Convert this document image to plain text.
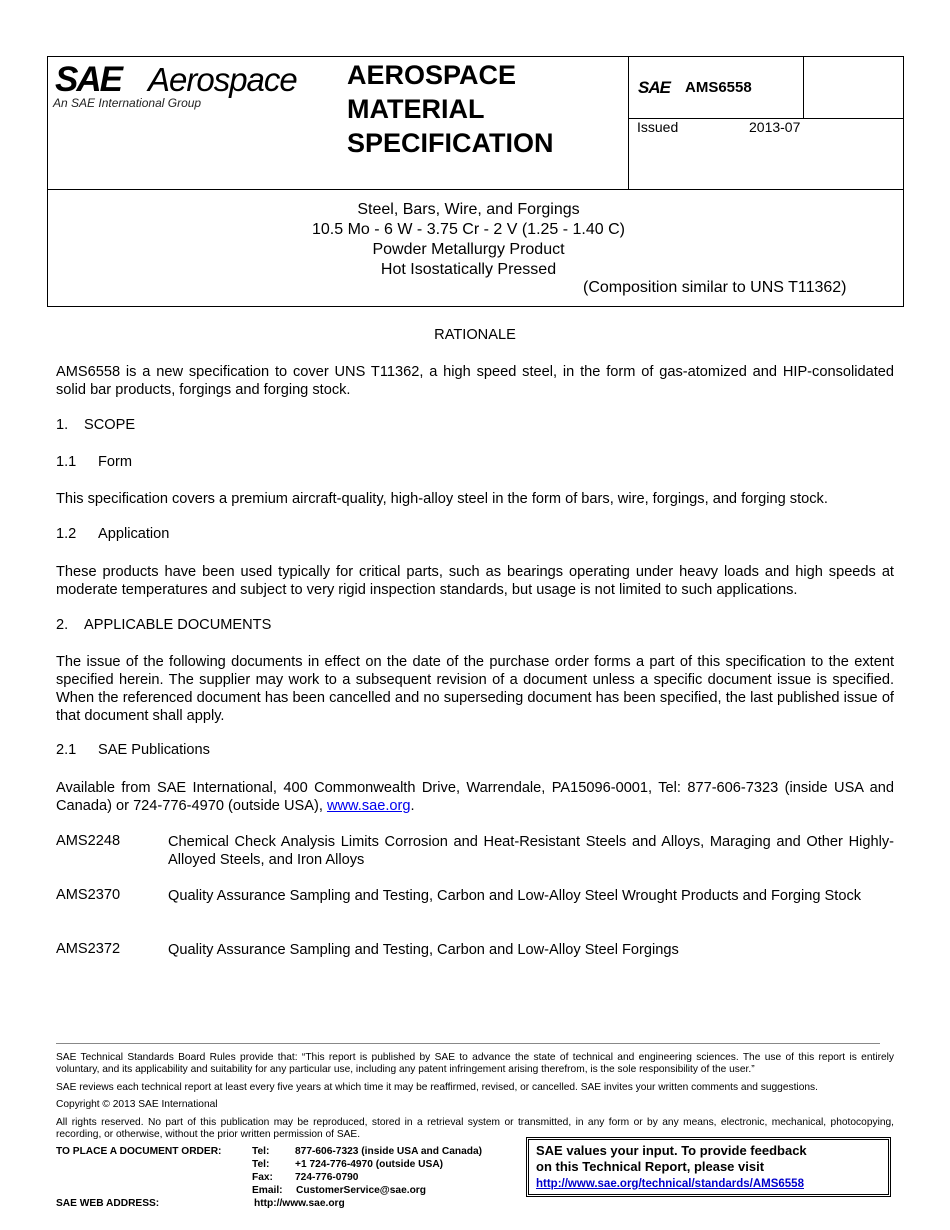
SAE Aerospace
An SAE International Group
AEROSPACE
MATERIAL
SPECIFICATION
SAE AMS6558
Issued	2013-07
Steel, Bars, Wire, and Forgings
10.5 Mo - 6 W - 3.75 Cr - 2 V (1.25 - 1.40 C)
Powder Metallurgy Product
Hot Isostatically Pressed
(Composition similar to UNS T11362)
RATIONALE
AMS6558 is a new specification to cover UNS T11362, a high speed steel, in the form of gas-atomized and HIP-consolidated solid bar products, forgings and forging stock.
1. SCOPE
1.1 Form
This specification covers a premium aircraft-quality, high-alloy steel in the form of bars, wire, forgings, and forging stock.
1.2 Application
These products have been used typically for critical parts, such as bearings operating under heavy loads and high speeds at moderate temperatures and subject to very rigid inspection standards, but usage is not limited to such applications.
2. APPLICABLE DOCUMENTS
The issue of the following documents in effect on the date of the purchase order forms a part of this specification to the extent specified herein. The supplier may work to a subsequent revision of a document unless a specific document issue is specified. When the referenced document has been cancelled and no superseding document has been specified, the last published issue of that document shall apply.
2.1 SAE Publications
Available from SAE International, 400 Commonwealth Drive, Warrendale, PA15096-0001, Tel: 877-606-7323 (inside USA and Canada) or 724-776-4970 (outside USA), www.sae.org.
AMS2248	Chemical Check Analysis Limits Corrosion and Heat-Resistant Steels and Alloys, Maraging and Other Highly-Alloyed Steels, and Iron Alloys
AMS2370	Quality Assurance Sampling and Testing, Carbon and Low-Alloy Steel Wrought Products and Forging Stock
AMS2372	Quality Assurance Sampling and Testing, Carbon and Low-Alloy Steel Forgings
SAE Technical Standards Board Rules provide that: “This report is published by SAE to advance the state of technical and engineering sciences. The use of this report is entirely voluntary, and its applicability and suitability for any particular use, including any patent infringement arising therefrom, is the sole responsibility of the user.”
SAE reviews each technical report at least every five years at which time it may be reaffirmed, revised, or cancelled. SAE invites your written comments and suggestions.
Copyright © 2013 SAE International
All rights reserved. No part of this publication may be reproduced, stored in a retrieval system or transmitted, in any form or by any means, electronic, mechanical, photocopying, recording, or otherwise, without the prior written permission of SAE.
TO PLACE A DOCUMENT ORDER:	Tel:	877-606-7323 (inside USA and Canada)
Tel:	+1 724-776-4970 (outside USA)
Fax: 724-776-0790
Email: CustomerService@sae.org
SAE WEB ADDRESS:	http://www.sae.org
SAE values your input. To provide feedback
on this Technical Report, please visit
http://www.sae.org/technical/standards/AMS6558
